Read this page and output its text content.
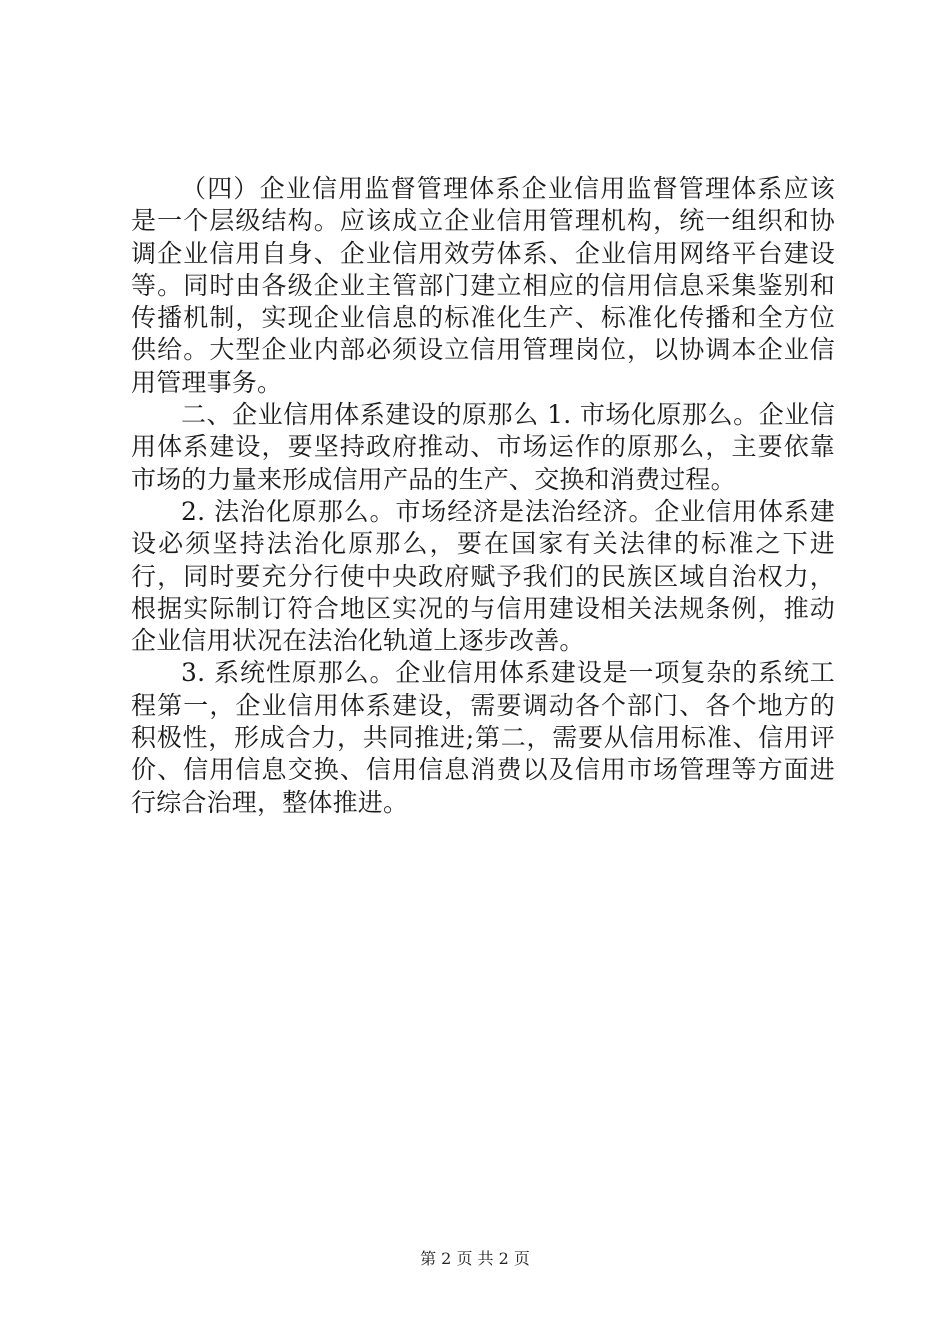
（四）企业信用监督管理体系企业信用监督管理体系应该是一个层级结构。应该成立企业信用管理机构，统一组织和协调企业信用自身、企业信用效劳体系、企业信用网络平台建设等。同时由各级企业主管部门建立相应的信用信息采集鉴别和传播机制，实现企业信息的标准化生产、标准化传播和全方位供给。大型企业内部必须设立信用管理岗位，以协调本企业信用管理事务。

二、企业信用体系建设的原那么 1. 市场化原那么。企业信用体系建设，要坚持政府推动、市场运作的原那么，主要依靠市场的力量来形成信用产品的生产、交换和消费过程。

2. 法治化原那么。市场经济是法治经济。企业信用体系建设必须坚持法治化原那么，要在国家有关法律的标准之下进行，同时要充分行使中央政府赋予我们的民族区域自治权力，根据实际制订符合地区实况的与信用建设相关法规条例，推动企业信用状况在法治化轨道上逐步改善。

3. 系统性原那么。企业信用体系建设是一项复杂的系统工程第一，企业信用体系建设，需要调动各个部门、各个地方的积极性，形成合力，共同推进;第二，需要从信用标准、信用评价、信用信息交换、信用信息消费以及信用市场管理等方面进行综合治理，整体推进。

第 2 页 共 2 页
